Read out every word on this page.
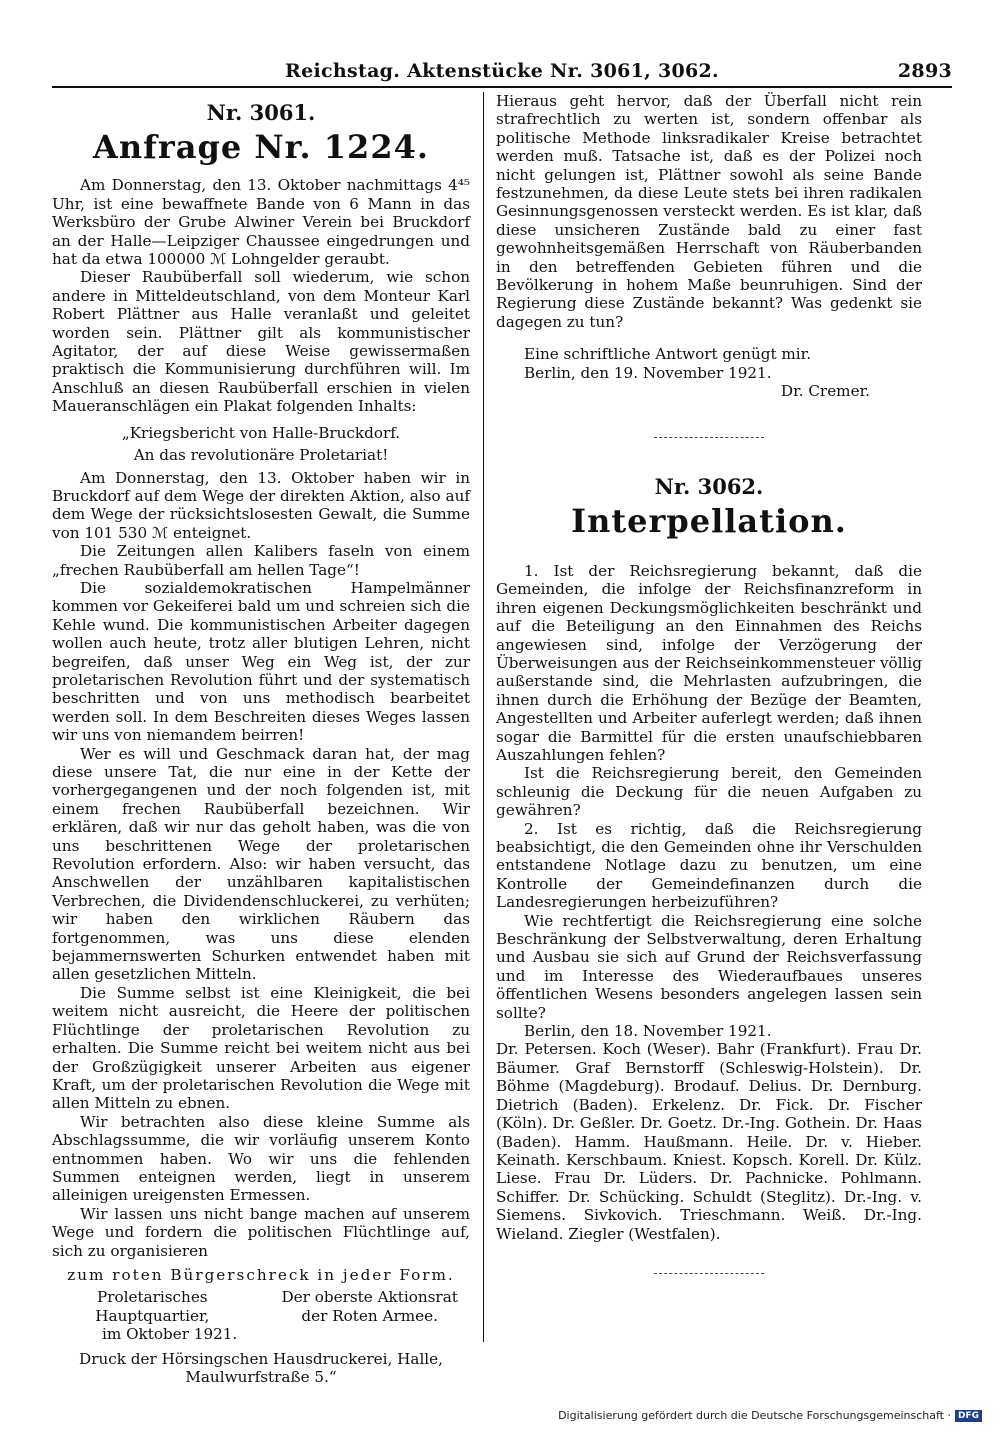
Reichstag. Aktenstücke Nr. 3061, 3062.	2893
Nr. 3061.
Anfrage Nr. 1224.

Am Donnerstag, den 13. Oktober nachmittags 4⁴⁵ Uhr, ist eine bewaffnete Bande von 6 Mann in das Werksbüro der Grube Alwiner Verein bei Bruckdorf an der Halle—Leipziger Chaussee eingedrungen und hat da etwa 100000 ℳ Lohngelder geraubt.

Dieser Raubüberfall soll wiederum, wie schon andere in Mitteldeutschland, von dem Monteur Karl Robert Plättner aus Halle veranlaßt und geleitet worden sein. Plättner gilt als kommunistischer Agitator, der auf diese Weise gewissermaßen praktisch die Kommunisierung durchführen will. Im Anschluß an diesen Raubüberfall erschien in vielen Maueranschlägen ein Plakat folgenden Inhalts:

„Kriegsbericht von Halle-Bruckdorf.

An das revolutionäre Proletariat!

Am Donnerstag, den 13. Oktober haben wir in Bruckdorf auf dem Wege der direkten Aktion, also auf dem Wege der rücksichtslosesten Gewalt, die Summe von 101 530 ℳ enteignet.

Die Zeitungen allen Kalibers faseln von einem „frechen Raubüberfall am hellen Tage“!

Die sozialdemokratischen Hampelmänner kommen vor Gekeiferei bald um und schreien sich die Kehle wund. Die kommunistischen Arbeiter dagegen wollen auch heute, trotz aller blutigen Lehren, nicht begreifen, daß unser Weg ein Weg ist, der zur proletarischen Revolution führt und der systematisch beschritten und von uns methodisch bearbeitet werden soll. In dem Beschreiten dieses Weges lassen wir uns von niemandem beirren!

Wer es will und Geschmack daran hat, der mag diese unsere Tat, die nur eine in der Kette der vorhergegangenen und der noch folgenden ist, mit einem frechen Raubüberfall bezeichnen. Wir erklären, daß wir nur das geholt haben, was die von uns beschrittenen Wege der proletarischen Revolution erfordern. Also: wir haben versucht, das Anschwellen der unzählbaren kapitalistischen Verbrechen, die Dividendenschluckerei, zu verhüten; wir haben den wirklichen Räubern das fortgenommen, was uns diese elenden bejammernswerten Schurken entwendet haben mit allen gesetzlichen Mitteln.

Die Summe selbst ist eine Kleinigkeit, die bei weitem nicht ausreicht, die Heere der politischen Flüchtlinge der proletarischen Revolution zu erhalten. Die Summe reicht bei weitem nicht aus bei der Großzügigkeit unserer Arbeiten aus eigener Kraft, um der proletarischen Revolution die Wege mit allen Mitteln zu ebnen.

Wir betrachten also diese kleine Summe als Abschlagssumme, die wir vorläufig unserem Konto entnommen haben. Wo wir uns die fehlenden Summen enteignen werden, liegt in unserem alleinigen ureigensten Ermessen.

Wir lassen uns nicht bange machen auf unserem Wege und fordern die politischen Flüchtlinge auf, sich zu organisieren

zum roten Bürgerschreck in jeder Form.

Proletarisches Hauptquartier,
Der oberste Aktionsrat der Roten Armee.

im Oktober 1921.

Druck der Hörsingschen Hausdruckerei, Halle, Maulwurfstraße 5.“

Hieraus geht hervor, daß der Überfall nicht rein strafrechtlich zu werten ist, sondern offenbar als politische Methode linksradikaler Kreise betrachtet werden muß. Tatsache ist, daß es der Polizei noch nicht gelungen ist, Plättner sowohl als seine Bande festzunehmen, da diese Leute stets bei ihren radikalen Gesinnungsgenossen versteckt werden. Es ist klar, daß diese unsicheren Zustände bald zu einer fast gewohnheitsgemäßen Herrschaft von Räuberbanden in den betreffenden Gebieten führen und die Bevölkerung in hohem Maße beunruhigen. Sind der Regierung diese Zustände bekannt? Was gedenkt sie dagegen zu tun?

Eine schriftliche Antwort genügt mir.

Berlin, den 19. November 1921.

Dr. Cremer.

Nr. 3062.
Interpellation.

1. Ist der Reichsregierung bekannt, daß die Gemeinden, die infolge der Reichsfinanzreform in ihren eigenen Deckungsmöglichkeiten beschränkt und auf die Beteiligung an den Einnahmen des Reichs angewiesen sind, infolge der Verzögerung der Überweisungen aus der Reichseinkommensteuer völlig außerstande sind, die Mehrlasten aufzubringen, die ihnen durch die Erhöhung der Bezüge der Beamten, Angestellten und Arbeiter auferlegt werden; daß ihnen sogar die Barmittel für die ersten unaufschiebbaren Auszahlungen fehlen?

Ist die Reichsregierung bereit, den Gemeinden schleunig die Deckung für die neuen Aufgaben zu gewähren?

2. Ist es richtig, daß die Reichsregierung beabsichtigt, die den Gemeinden ohne ihr Verschulden entstandene Notlage dazu zu benutzen, um eine Kontrolle der Gemeindefinanzen durch die Landesregierungen herbeizuführen?

Wie rechtfertigt die Reichsregierung eine solche Beschränkung der Selbstverwaltung, deren Erhaltung und Ausbau sie sich auf Grund der Reichsverfassung und im Interesse des Wiederaufbaues unseres öffentlichen Wesens besonders angelegen lassen sein sollte?

Berlin, den 18. November 1921.

Dr. Petersen. Koch (Weser). Bahr (Frankfurt). Frau Dr. Bäumer. Graf Bernstorff (Schleswig-Holstein). Dr. Böhme (Magdeburg). Brodauf. Delius. Dr. Dernburg. Dietrich (Baden). Erkelenz. Dr. Fick. Dr. Fischer (Köln). Dr. Geßler. Dr. Goetz. Dr.-Ing. Gothein. Dr. Haas (Baden). Hamm. Haußmann. Heile. Dr. v. Hieber. Keinath. Kerschbaum. Kniest. Kopsch. Korell. Dr. Külz. Liese. Frau Dr. Lüders. Dr. Pachnicke. Pohlmann. Schiffer. Dr. Schücking. Schuldt (Steglitz). Dr.-Ing. v. Siemens. Sivkovich. Trieschmann. Weiß. Dr.-Ing. Wieland. Ziegler (Westfalen).

Digitalisierung gefördert durch die Deutsche Forschungsgemeinschaft · DFG
